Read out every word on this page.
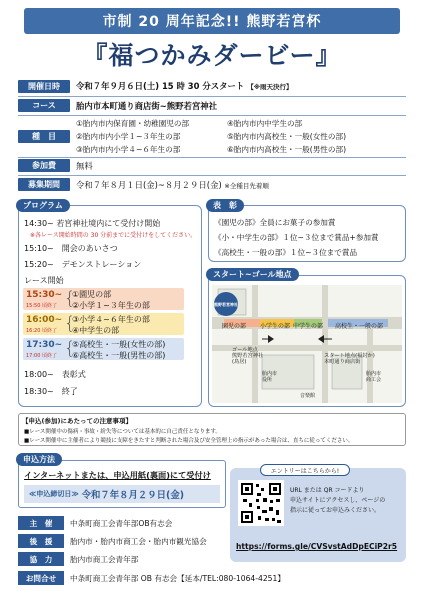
市制 20 周年記念!! 熊野若宮杯
『福つかみダービー』
開催日時	令和７年９月６日(土) 15 時 30 分スタート 【※雨天決行】
コース	胎内市本町通り商店街~熊野若宮神社
種　目
①胎内市内保育園・幼稚園児の部	④胎内市内中学生の部
②胎内市内小学１~３年生の部	⑤胎内市内高校生・一般(女性の部)
③胎内市内小学４~６年生の部	⑥胎内市内高校生・一般(男性の部)
参加費	無料
募集期間	令和７年８月１日(金)~８月２９日(金) ※全種目先着順
プログラム
14:30~ 若宮神社境内にて受付け開始
※各レース開始時間の 30 分前までに受付けをしてください。
15:10~　開会のあいさつ
15:20~　デモンストレーション
レース開始
15:30~
15:50 頃終了 {
①園児の部
②小学１~３年生の部
16:00~
16:20 頃終了 {
③小学４~６年生の部
④中学生の部
17:30~
17:00 頃終了 {
⑤高校生・一般(女性の部)
⑥高校生・一般(男性の部)
18:00~　表彰式
18:30~　終了
表　彰
《園児の部》全員にお菓子の参加賞
《小・中学生の部》１位~３位まで賞品+参加賞
《高校生・一般の部》１位~３位まで賞品
スタート~ゴール地点
熊野若宮神社
園児の部 小学生の部 中学生の部 高校生・一般の部
ゴール地点
熊野若宮神社
(鳥居)
スタート地点(福封か)
本町通り商店街
胎内市
商工会
胎内市
役所
音楽館
【申込(参加)にあたっての注意事項】
■レース開催中の傷病・事故・紛失等については基本的に自己責任となります。
■レース開催中に主催者により競技に支障をきたすと判断された場合及び安全管理上の指示があった場合は、直ちに従ってください。
申込方法
インターネットまたは、申込用紙(裏面)にて受付け
≪申込締切日≫ 令和７年８月２９日(金)
エントリーはこちらから!
URL または QR コードより
申込サイトにアクセスし、ページの
指示に従ってお申込みください。
https://forms.gle/CVSvstAdDpECiP2r5
主　催	中条町商工会青年部OB有志会
後　援	胎内市・胎内市商工会・胎内市観光協会
協　力	胎内市商工会青年部
お問合せ	中条町商工会青年部 OB 有志会【延本/TEL:080-1064-4251】
